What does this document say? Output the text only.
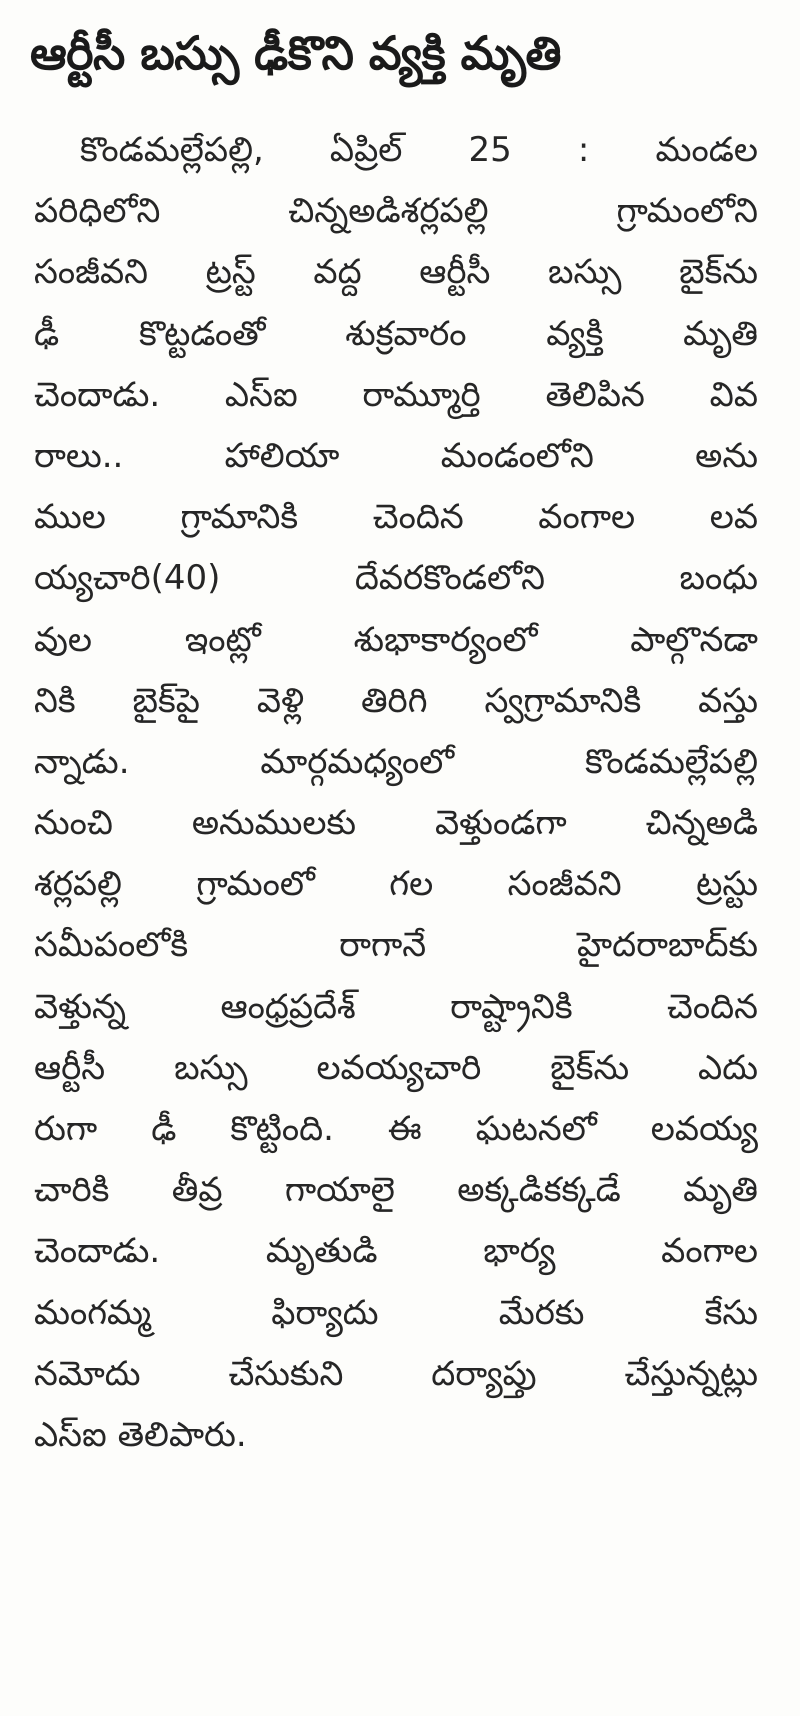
ఆర్టీసీ బస్సు ఢీకొని వ్యక్తి మృతి
కొండమల్లేపల్లి, ఏప్రిల్ 25 : మండల
పరిధిలోని చిన్నఅడిశర్లపల్లి గ్రామంలోని
సంజీవని ట్రస్ట్ వద్ద ఆర్టీసీ బస్సు బైక్‌ను
ఢీ కొట్టడంతో శుక్రవారం వ్యక్తి మృతి
చెందాడు. ఎస్ఐ రామ్మూర్తి తెలిపిన వివ
రాలు.. హాలియా మండంలోని అను
ముల గ్రామానికి చెందిన వంగాల లవ
య్యచారి(40) దేవరకొండలోని బంధు
వుల ఇంట్లో శుభాకార్యంలో పాల్గొనడా
నికి బైక్‌పై వెళ్లి తిరిగి స్వగ్రామానికి వస్తు
న్నాడు. మార్గమధ్యంలో కొండమల్లేపల్లి
నుంచి అనుములకు వెళ్తుండగా చిన్నఅడి
శర్లపల్లి గ్రామంలో గల సంజీవని ట్రస్టు
సమీపంలోకి రాగానే హైదరాబాద్‌కు
వెళ్తున్న ఆంధ్రప్రదేశ్ రాష్ట్రానికి చెందిన
ఆర్టీసీ బస్సు లవయ్యచారి బైక్‌ను ఎదు
రుగా ఢీ కొట్టింది. ఈ ఘటనలో లవయ్య
చారికి తీవ్ర గాయాలై అక్కడికక్కడే మృతి
చెందాడు. మృతుడి భార్య వంగాల
మంగమ్మ ఫిర్యాదు మేరకు కేసు
నమోదు చేసుకుని దర్యాప్తు చేస్తున్నట్లు
ఎస్ఐ తెలిపారు.
